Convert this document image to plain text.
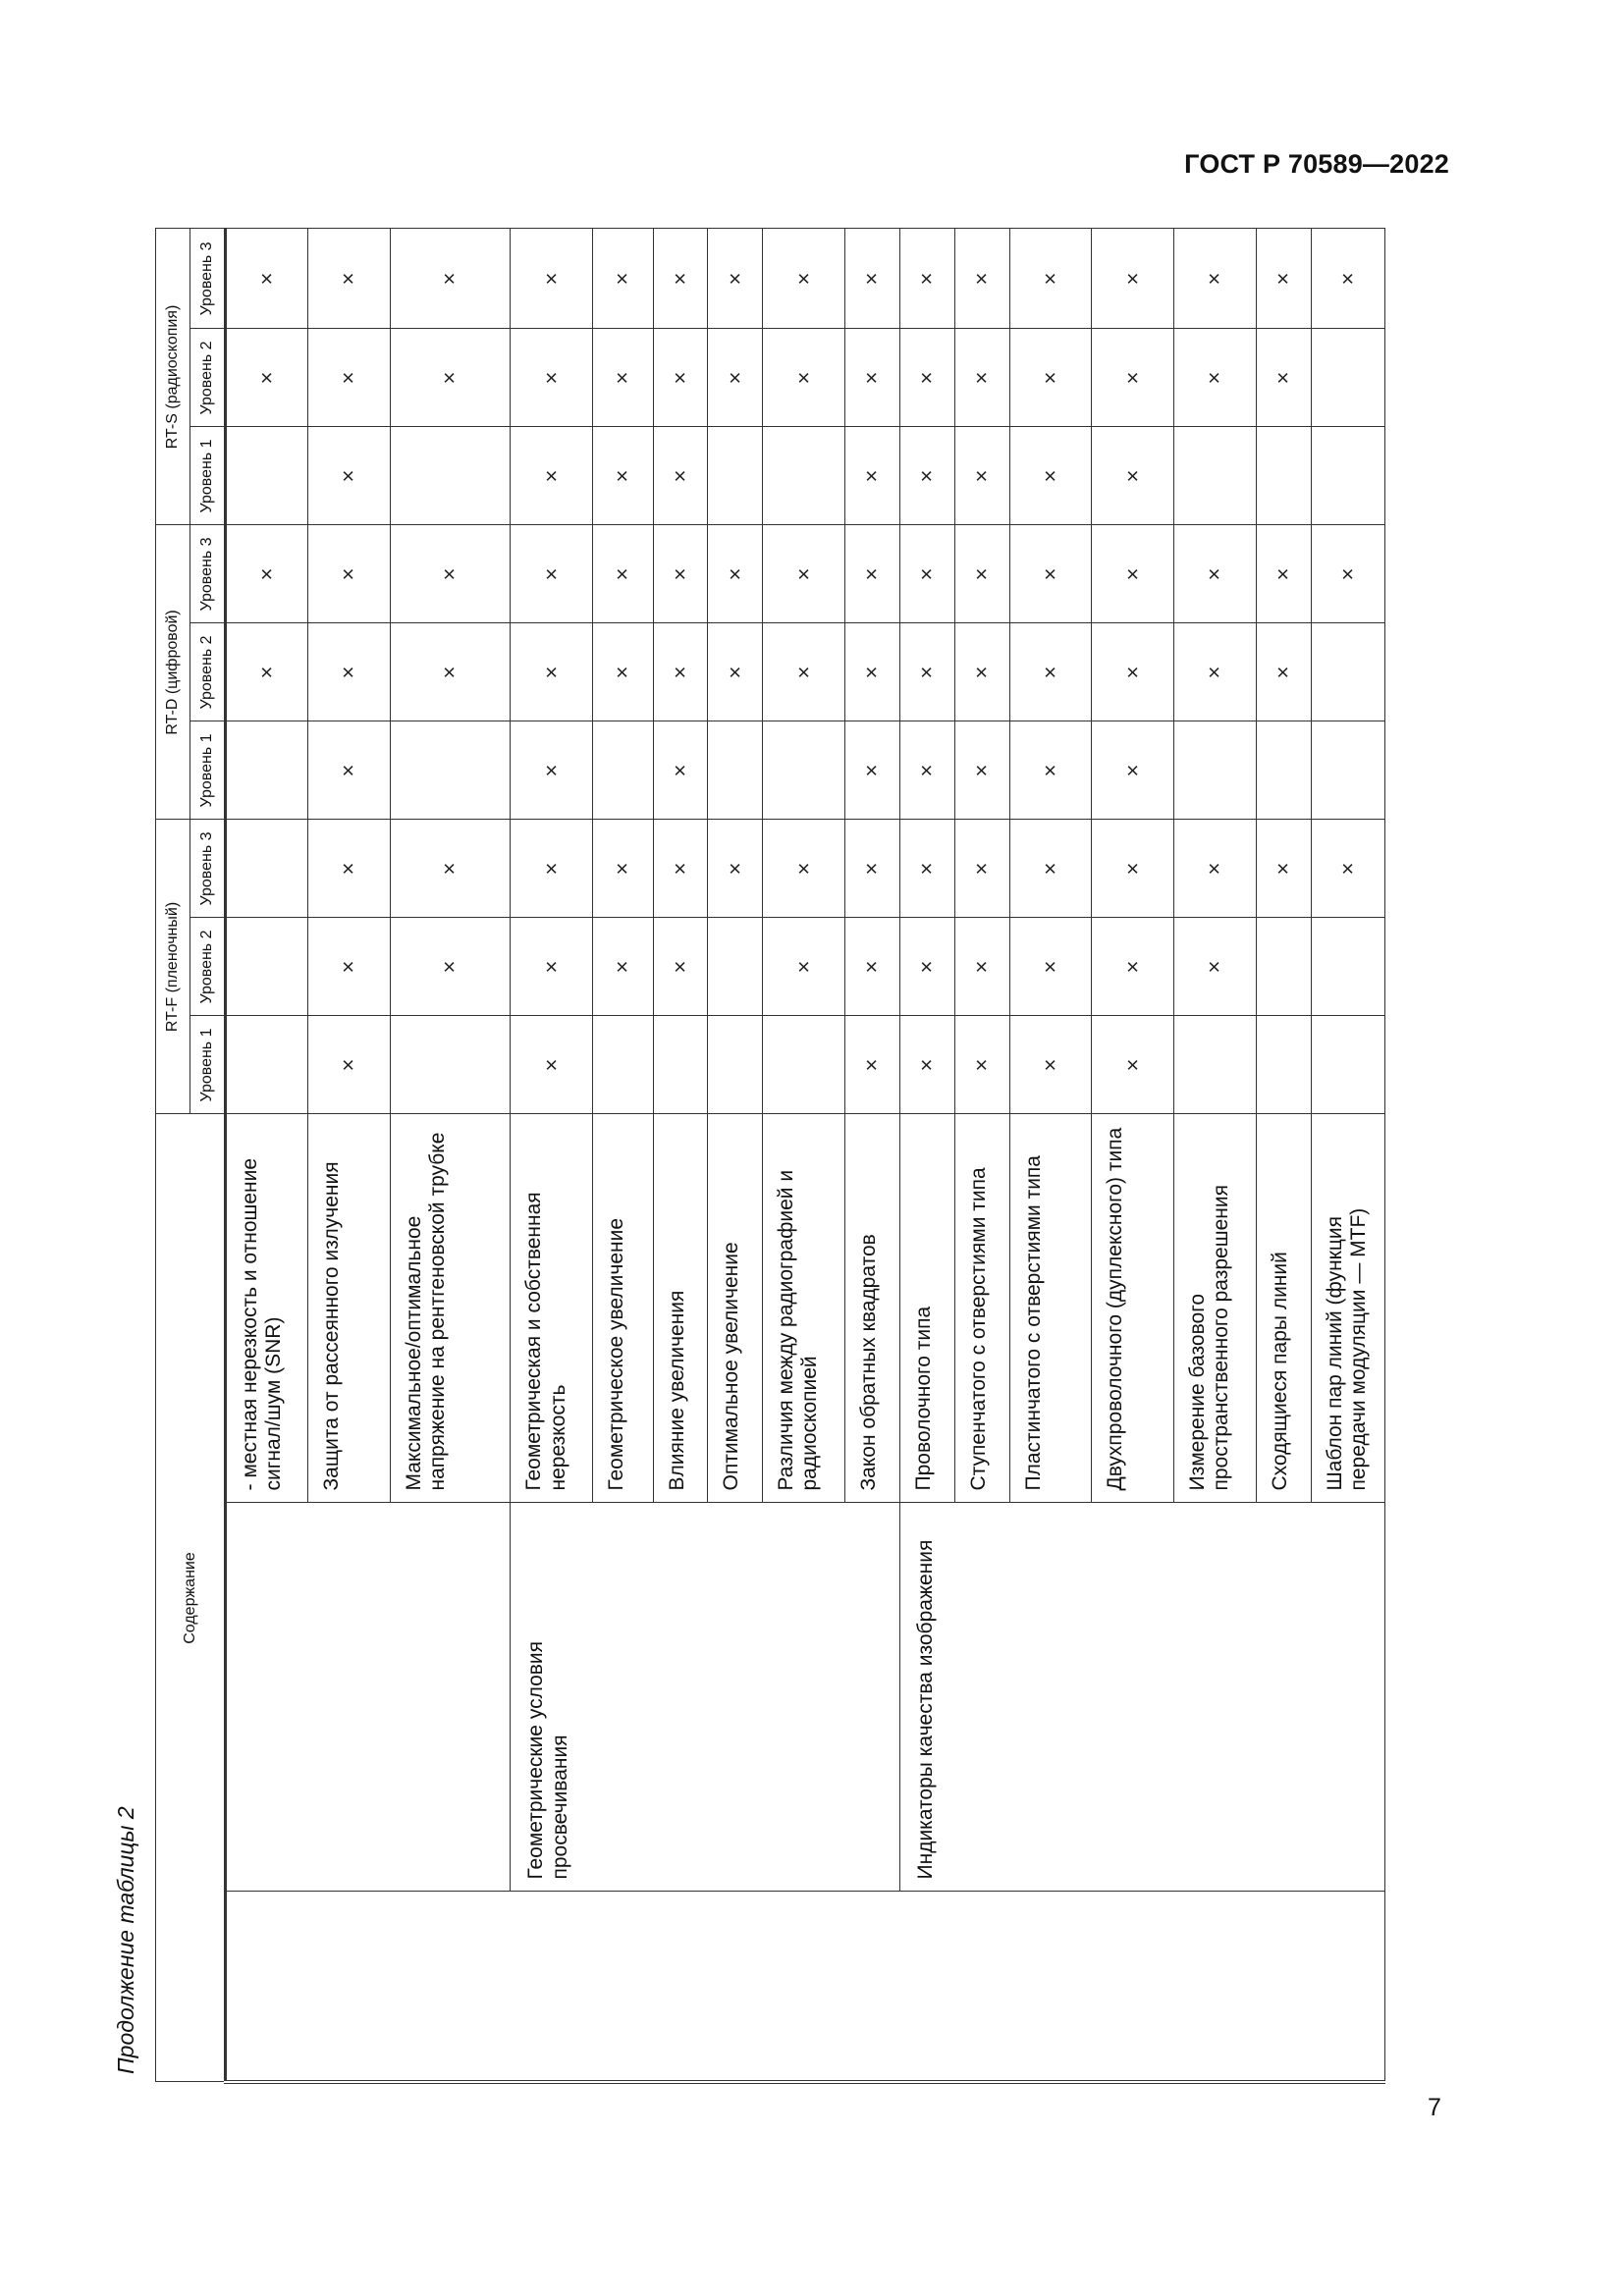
ГОСТ Р 70589—2022
Продолжение таблицы 2
7
Содержание			RT-F (пленочный)			RT-D (цифровой)			RT-S (радиоскопия)		
			Уровень 1	Уровень 2	Уровень 3	Уровень 1	Уровень 2	Уровень 3	Уровень 1	Уровень 2	Уровень 3
		- местная нерезкость и отношение сигнал/шум (SNR)					×	×		×	×
		Защита от рассеянного излучения	×	×	×	×	×	×	×	×	×
		Максимальное/оптимальное напряжение на рентгеновской трубке		×	×		×	×		×	×
	Геометрические условия просвечивания	Геометрическая и собственная нерезкость	×	×	×	×	×	×	×	×	×
		Геометрическое увеличение		×	×		×	×	×	×	×
		Влияние увеличения		×	×	×	×	×	×	×	×
		Оптимальное увеличение			×		×	×		×	×
		Различия между радиографией и радиоскопией		×	×		×	×		×	×
		Закон обратных квадратов	×	×	×	×	×	×	×	×	×
	Индикаторы качества изображения	Проволочного типа	×	×	×	×	×	×	×	×	×
		Ступенчатого с отверстиями типа	×	×	×	×	×	×	×	×	×
		Пластинчатого с отверстиями типа	×	×	×	×	×	×	×	×	×
		Двухпроволочного (дуплексного) типа	×	×	×	×	×	×	×	×	×
		Измерение базового пространственного разрешения		×	×		×	×		×	×
		Сходящиеся пары линий			×		×	×		×	×
		Шаблон пар линий (функция передачи модуляции — MTF)			×			×			×
